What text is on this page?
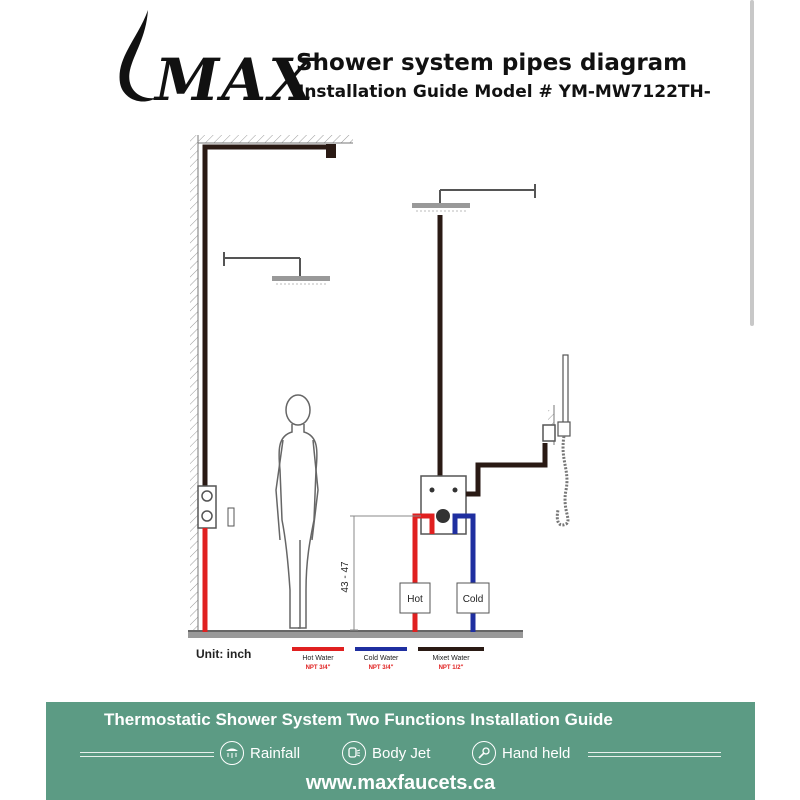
MAX
Shower system pipes diagram
Installation Guide Model # YM-MW7122TH-
Hot	Cold
43 - 47
Unit: inch	Hot Water
NPT 3/4"
Cold Water
NPT 3/4"
Mixet Water
NPT 1/2"
Thermostatic Shower System Two Functions Installation Guide
Rainfall	Body Jet	Hand held
www.maxfaucets.ca
